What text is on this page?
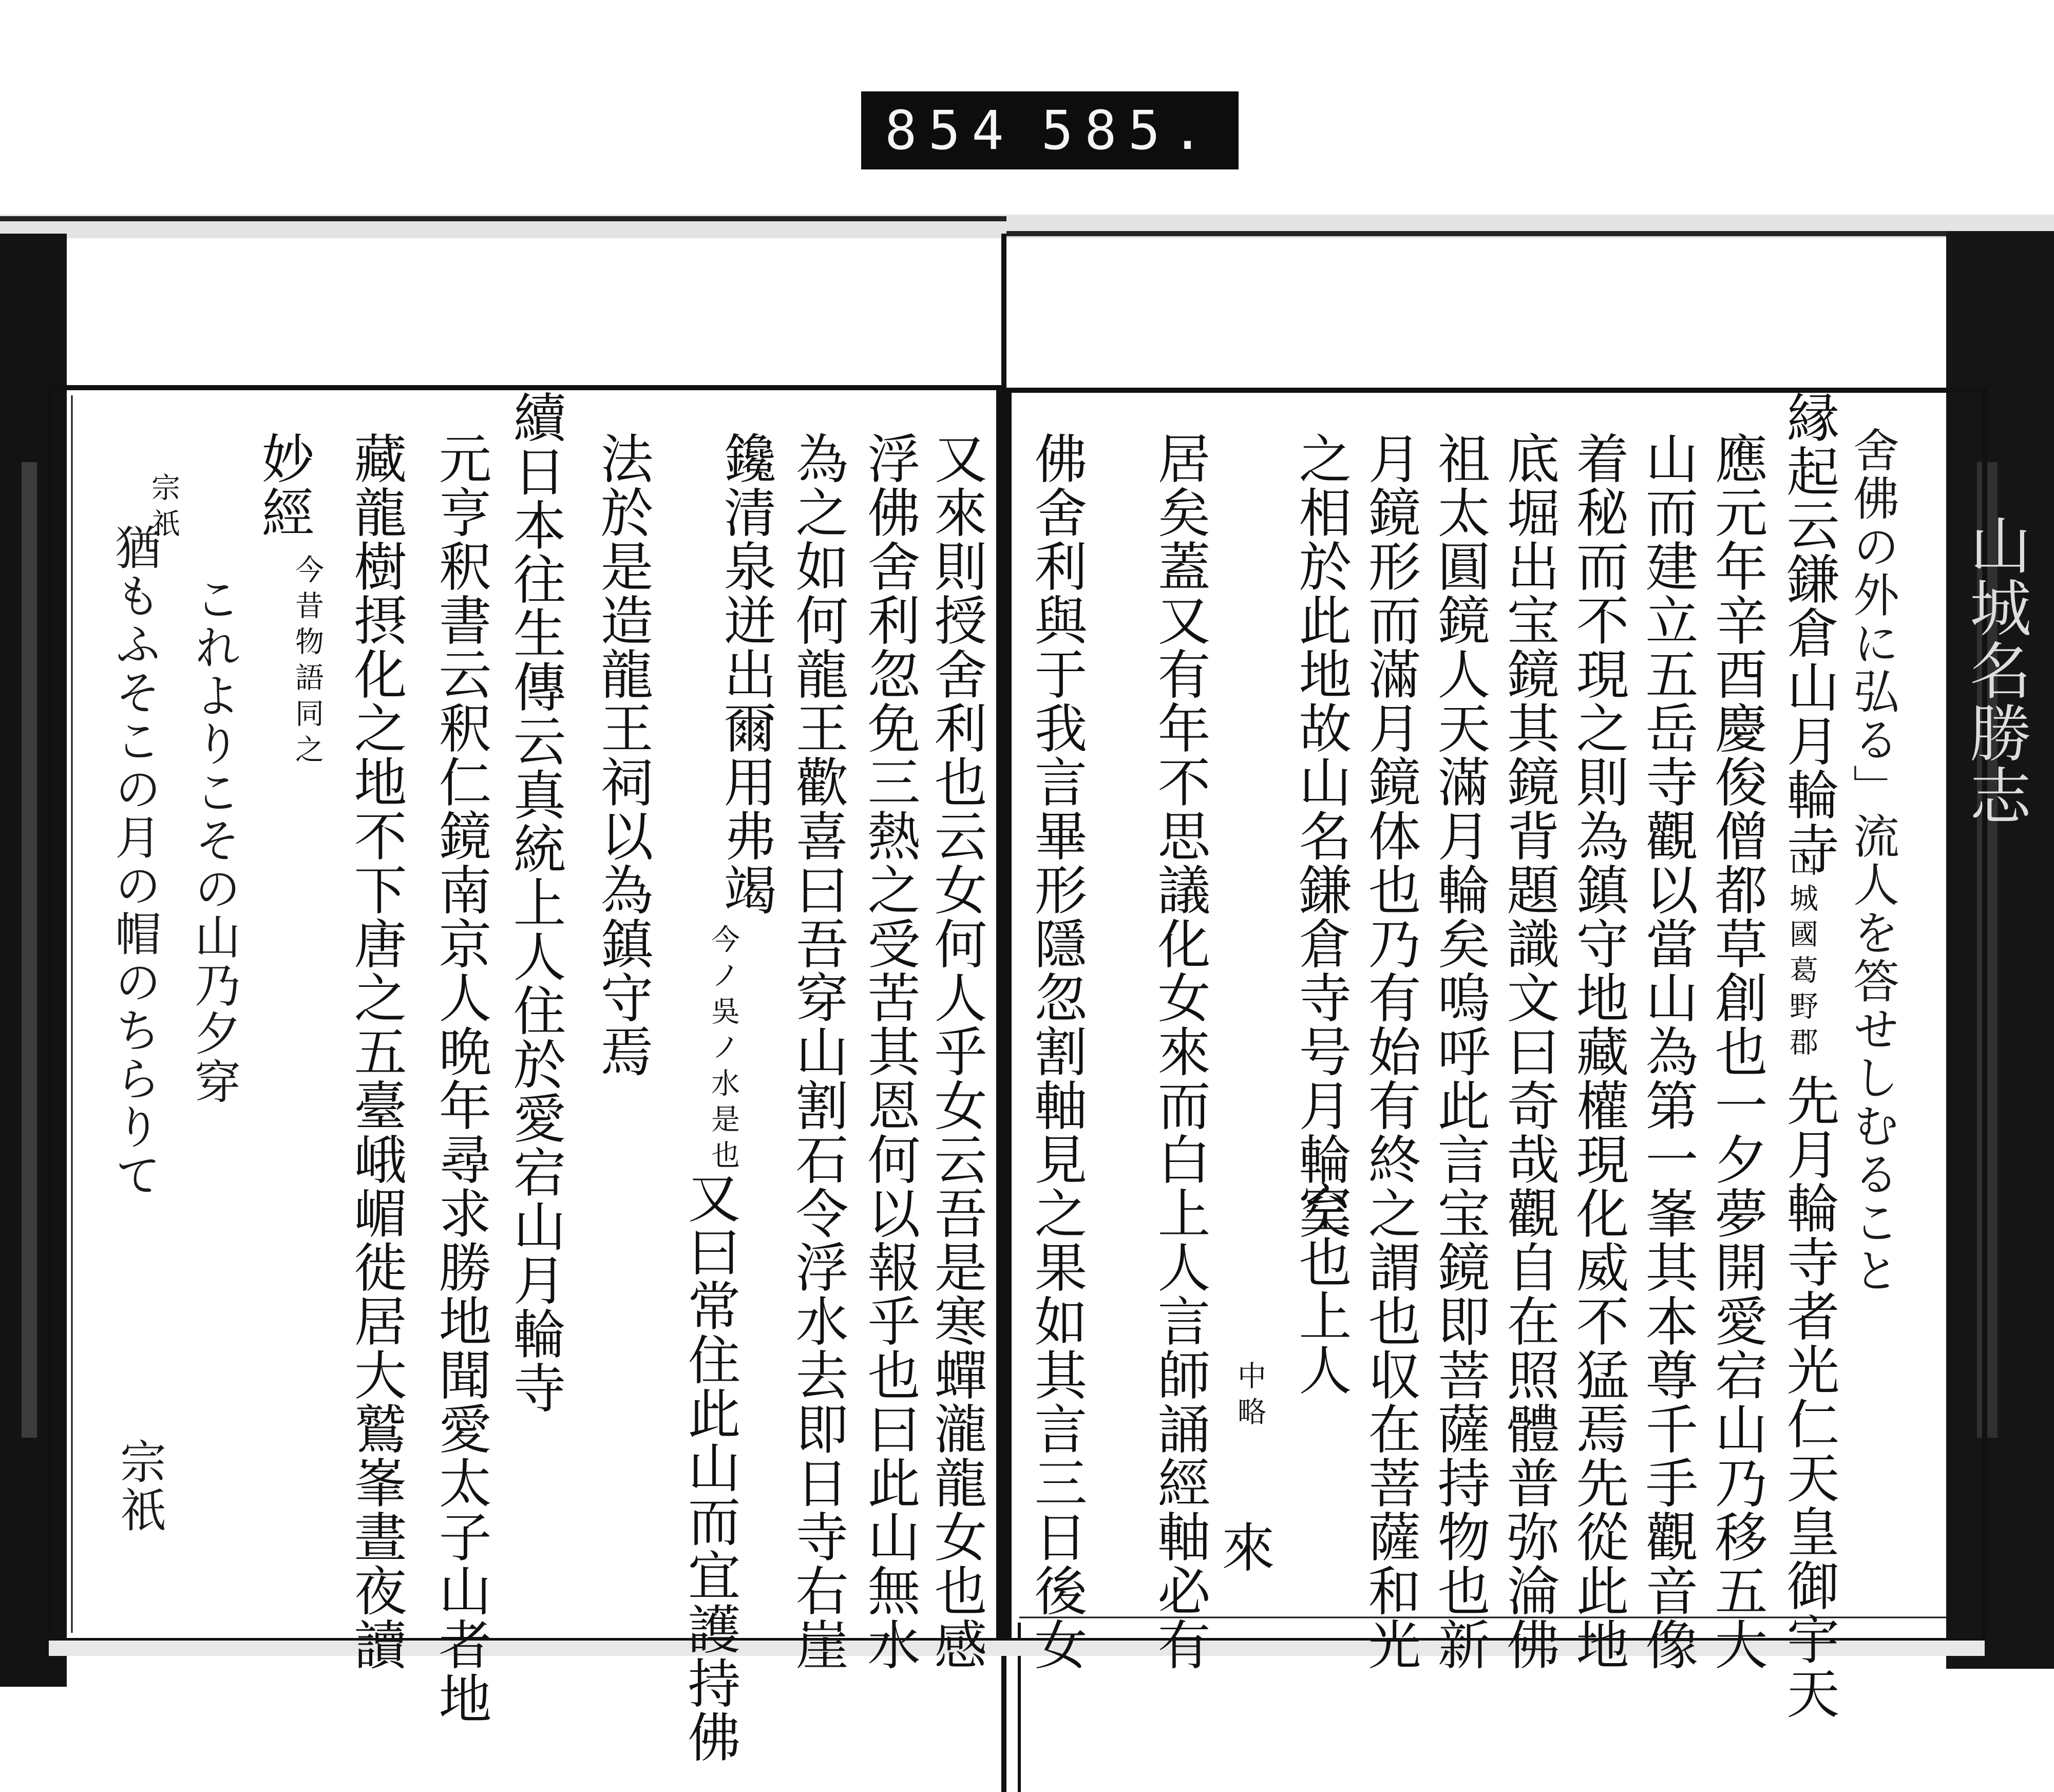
854 585.
山城名勝志
舍佛の外に弘る」流人を答せしむること
縁起云鎌倉山月輪寺
山城國葛野郡
先月輪寺者光仁天皇御宇天
應元年辛酉慶俊僧都草創也一夕夢開愛宕山乃移五大
山而建立五岳寺觀以當山為第一峯其本尊千手觀音像
着秘而不現之則為鎮守地藏權現化威不猛焉先從此地
底堀出宝鏡其鏡背題識文曰奇哉觀自在照體普弥淪佛
祖太圓鏡人天滿月輪矣嗚呼此言宝鏡即菩薩持物也新
月鏡形而滿月鏡体也乃有始有終之謂也収在菩薩和光
之相於此地故山名鎌倉寺号月輪矣
空也上人
中略
來
居矣蓋又有年不思議化女來而白上人言師誦經軸必有
佛舍利與于我言畢形隱忽割軸見之果如其言三日後女
又來則授舍利也云女何人乎女云吾是寒蟬瀧龍女也感
浮佛舍利忽免三熱之受苦其恩何以報乎也曰此山無水
為之如何龍王歡喜曰吾穿山割石令浮水去即日寺右崖
鑱清泉迸出爾用弗竭
今ノ吳ノ水是也
又曰常住此山而宜護持佛
法於是造龍王祠以為鎮守焉
續日本往生傳云真統上人住於愛宕山月輪寺
元亨釈書云釈仁鏡南京人晩年尋求勝地聞愛太子山者地
藏龍樹摂化之地不下唐之五臺峨嵋徙居大鷲峯晝夜讀
妙經
今昔物語同之
宗祇
これよりこその山乃夕穿
猶もふそこの月の帽のちらりて
宗祇
